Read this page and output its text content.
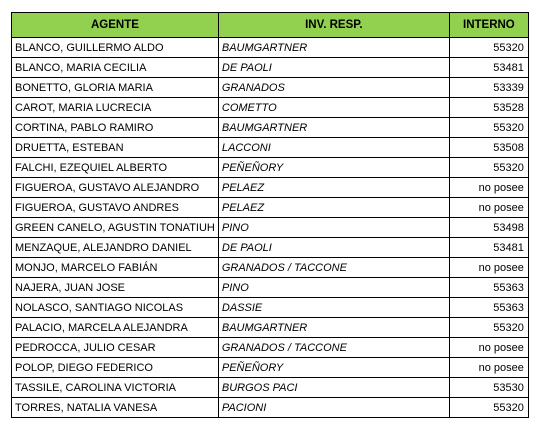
AGENTE	INV. RESP.	INTERNO
BLANCO, GUILLERMO ALDO	BAUMGARTNER	55320
BLANCO, MARIA CECILIA	DE PAOLI	53481
BONETTO, GLORIA MARIA	GRANADOS	53339
CAROT, MARIA LUCRECIA	COMETTO	53528
CORTINA, PABLO RAMIRO	BAUMGARTNER	55320
DRUETTA, ESTEBAN	LACCONI	53508
FALCHI, EZEQUIEL ALBERTO	PEÑEÑORY	55320
FIGUEROA, GUSTAVO ALEJANDRO	PELAEZ	no posee
FIGUEROA, GUSTAVO ANDRES	PELAEZ	no posee
GREEN CANELO, AGUSTIN TONATIUH	PINO	53498
MENZAQUE, ALEJANDRO DANIEL	DE PAOLI	53481
MONJO, MARCELO FABIÁN	GRANADOS / TACCONE	no posee
NAJERA, JUAN JOSE	PINO	55363
NOLASCO, SANTIAGO NICOLAS	DASSIE	55363
PALACIO, MARCELA ALEJANDRA	BAUMGARTNER	55320
PEDROCCA, JULIO CESAR	GRANADOS / TACCONE	no posee
POLOP, DIEGO FEDERICO	PEÑEÑORY	no posee
TASSILE, CAROLINA VICTORIA	BURGOS PACI	53530
TORRES, NATALIA VANESA	PACIONI	55320
